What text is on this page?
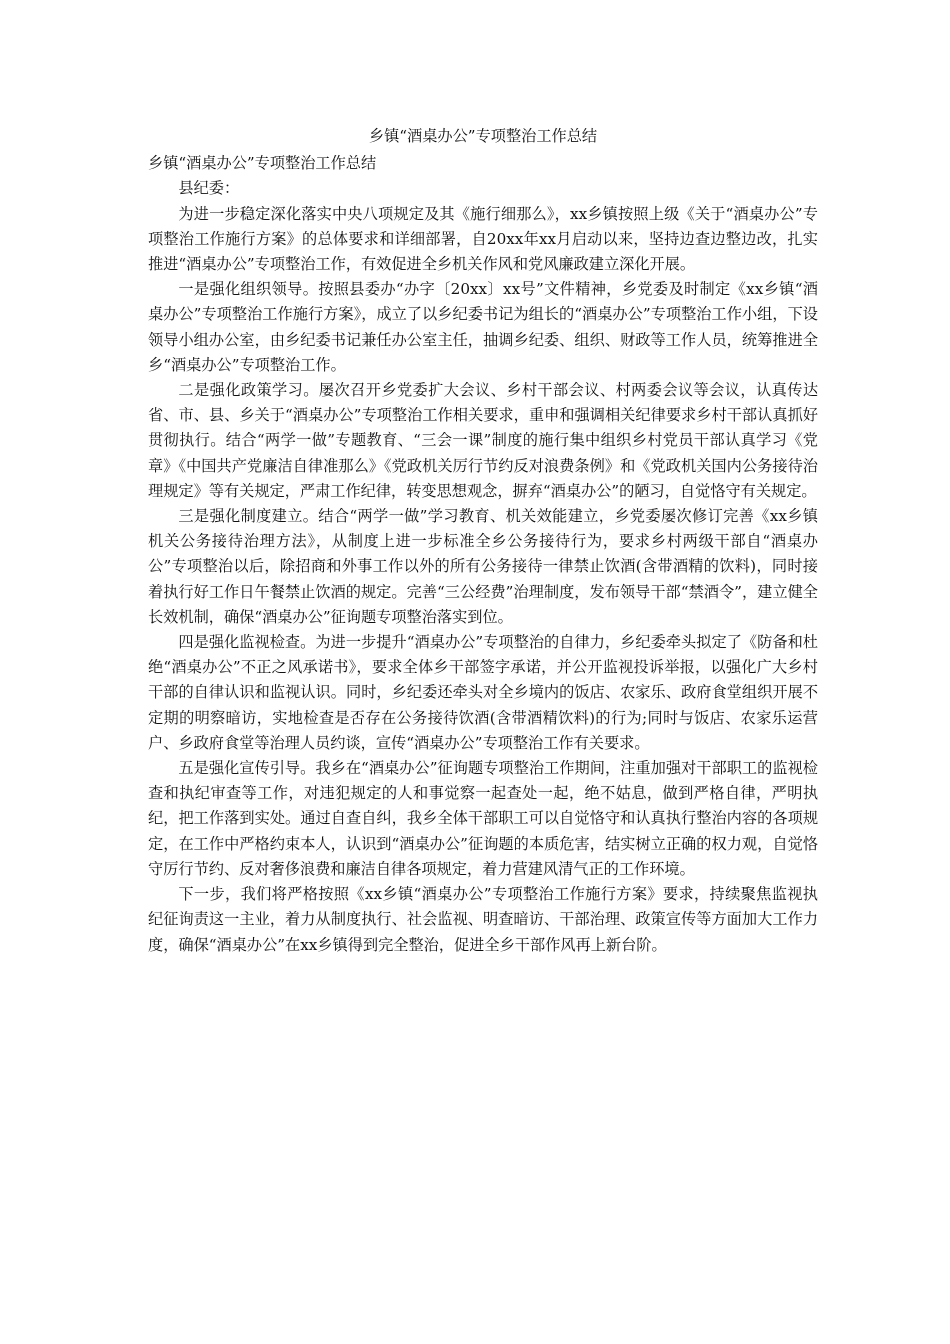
乡镇“酒桌办公”专项整治工作总结
乡镇“酒桌办公”专项整治工作总结

县纪委：

为进一步稳定深化落实中央八项规定及其《施行细那么》，xx乡镇按照上级《关于“酒桌办公”专项整治工作施行方案》的总体要求和详细部署，自20xx年xx月启动以来，坚持边查边整边改，扎实推进“酒桌办公”专项整治工作，有效促进全乡机关作风和党风廉政建立深化开展。

一是强化组织领导。按照县委办“办字〔20xx〕xx号”文件精神，乡党委及时制定《xx乡镇“酒桌办公”专项整治工作施行方案》，成立了以乡纪委书记为组长的“酒桌办公”专项整治工作小组，下设领导小组办公室，由乡纪委书记兼任办公室主任，抽调乡纪委、组织、财政等工作人员，统筹推进全乡“酒桌办公”专项整治工作。

二是强化政策学习。屡次召开乡党委扩大会议、乡村干部会议、村两委会议等会议，认真传达省、市、县、乡关于“酒桌办公”专项整治工作相关要求，重申和强调相关纪律要求乡村干部认真抓好贯彻执行。结合“两学一做”专题教育、“三会一课”制度的施行集中组织乡村党员干部认真学习《党章》《中国共产党廉洁自律准那么》《党政机关厉行节约反对浪费条例》和《党政机关国内公务接待治理规定》等有关规定，严肃工作纪律，转变思想观念，摒弃“酒桌办公”的陋习，自觉恪守有关规定。

三是强化制度建立。结合“两学一做”学习教育、机关效能建立，乡党委屡次修订完善《xx乡镇机关公务接待治理方法》，从制度上进一步标准全乡公务接待行为，要求乡村两级干部自“酒桌办公”专项整治以后，除招商和外事工作以外的所有公务接待一律禁止饮酒(含带酒精的饮料)，同时接着执行好工作日午餐禁止饮酒的规定。完善“三公经费”治理制度，发布领导干部“禁酒令”，建立健全长效机制，确保“酒桌办公”征询题专项整治落实到位。

四是强化监视检查。为进一步提升“酒桌办公”专项整治的自律力，乡纪委牵头拟定了《防备和杜绝“酒桌办公”不正之风承诺书》，要求全体乡干部签字承诺，并公开监视投诉举报，以强化广大乡村干部的自律认识和监视认识。同时，乡纪委还牵头对全乡境内的饭店、农家乐、政府食堂组织开展不定期的明察暗访，实地检查是否存在公务接待饮酒(含带酒精饮料)的行为;同时与饭店、农家乐运营户、乡政府食堂等治理人员约谈，宣传“酒桌办公”专项整治工作有关要求。

五是强化宣传引导。我乡在“酒桌办公”征询题专项整治工作期间，注重加强对干部职工的监视检查和执纪审查等工作，对违犯规定的人和事觉察一起查处一起，绝不姑息，做到严格自律，严明执纪，把工作落到实处。通过自查自纠，我乡全体干部职工可以自觉恪守和认真执行整治内容的各项规定，在工作中严格约束本人，认识到“酒桌办公”征询题的本质危害，结实树立正确的权力观，自觉恪守厉行节约、反对奢侈浪费和廉洁自律各项规定，着力营建风清气正的工作环境。

下一步，我们将严格按照《xx乡镇“酒桌办公”专项整治工作施行方案》要求，持续聚焦监视执纪征询责这一主业，着力从制度执行、社会监视、明查暗访、干部治理、政策宣传等方面加大工作力度，确保“酒桌办公”在xx乡镇得到完全整治，促进全乡干部作风再上新台阶。
